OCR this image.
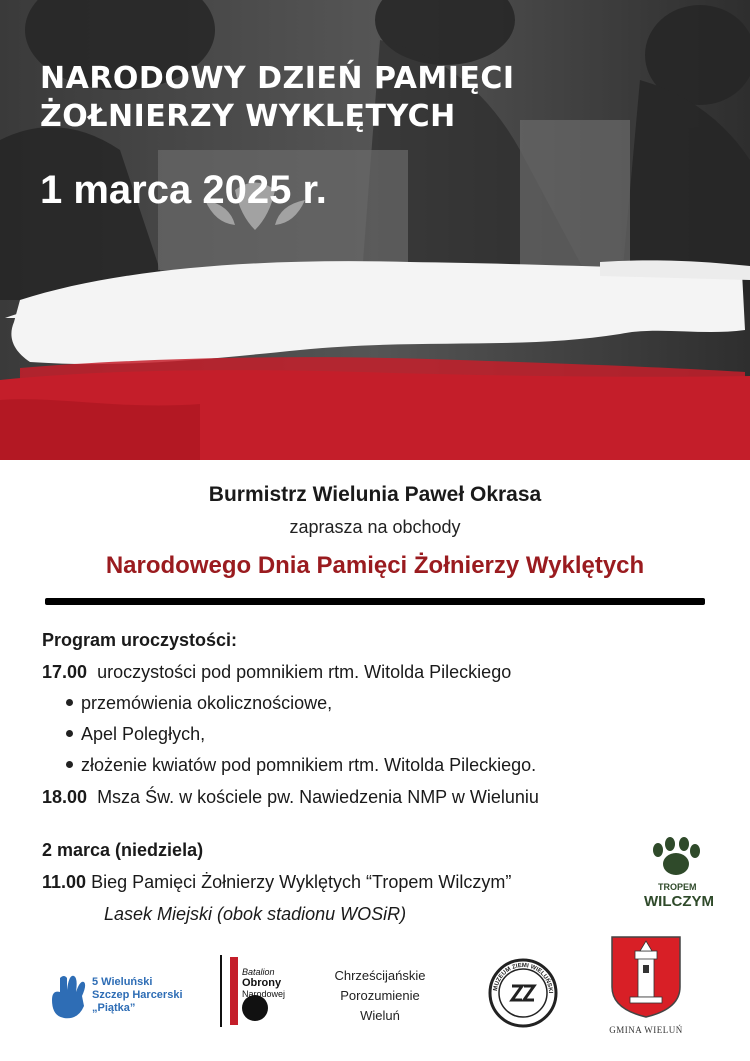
NARODOWY DZIEŃ PAMIĘCI
ŻOŁNIERZY WYKLĘTYCH
1 marca 2025 r.
Burmistrz Wielunia Paweł Okrasa
zaprasza na obchody
Narodowego Dnia Pamięci Żołnierzy Wyklętych
Program uroczystości:
17.00 uroczystości pod pomnikiem rtm. Witolda Pileckiego
przemówienia okolicznościowe,
Apel Poległych,
złożenie kwiatów pod pomnikiem rtm. Witolda Pileckiego.
18.00 Msza Św. w kościele pw. Nawiedzenia NMP w Wieluniu
2 marca (niedziela)
11.00 Bieg Pamięci Żołnierzy Wyklętych “Tropem Wilczym”
Lasek Miejski (obok stadionu WOSiR)
TROPEM
WILCZYM
5 Wieluński
Szczep Harcerski
„Piątka”
Batalion
Obrony
Narodowej
Chrześcijańskie
Porozumienie
Wieluń
MUZEUM ZIEMI WIELUŃSKI
GMINA WIELUŃ
